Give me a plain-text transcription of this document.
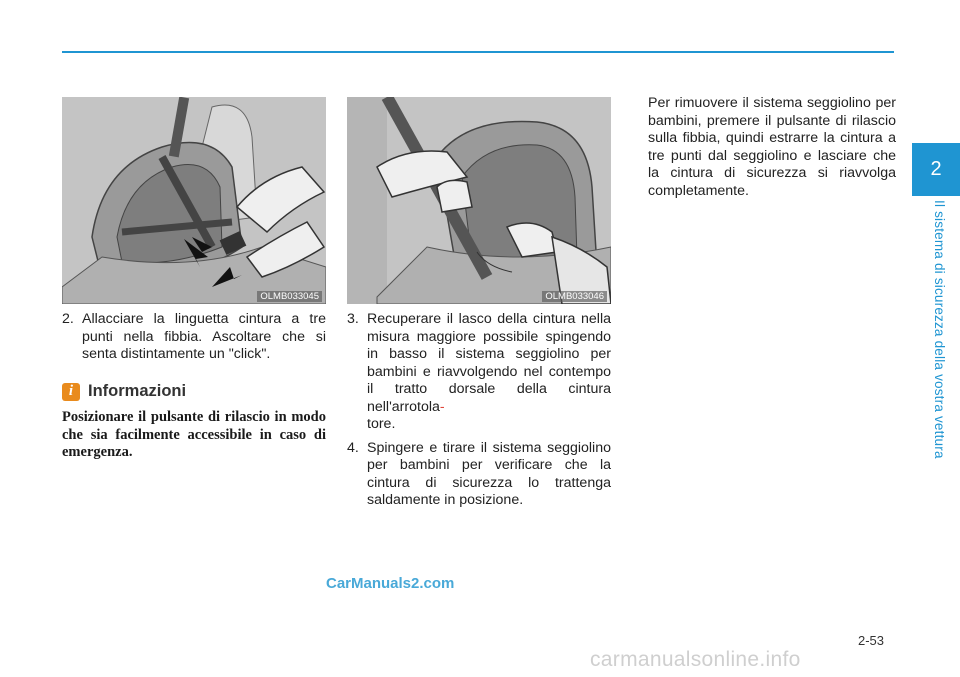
2
Il sistema di sicurezza della vostra vettura
OLMB033045	OLMB033046
2. Allacciare la linguetta cintura a tre punti nella fibbia. Ascoltare che si senta distintamente un "click".
i Informazioni
Posizionare il pulsante di rilascio in modo che sia facilmente accessibile in caso di emergenza.
3. Recuperare il lasco della cintura nella misura maggiore possibile spingendo in basso il sistema seggiolino per bambini e riavvolgendo nel contempo il tratto dorsale della cintura nell'arrotola-
tore.
4. Spingere e tirare il sistema seggiolino per bambini per verificare che la cintura di sicurezza lo trattenga saldamente in posizione.
Per rimuovere il sistema seggiolino per bambini, premere il pulsante di rilascio sulla fibbia, quindi estrarre la cintura a tre punti dal seggiolino e lasciare che la cintura di sicurezza si riavvolga completamente.
CarManuals2.com
2-53
carmanualsonline.info
